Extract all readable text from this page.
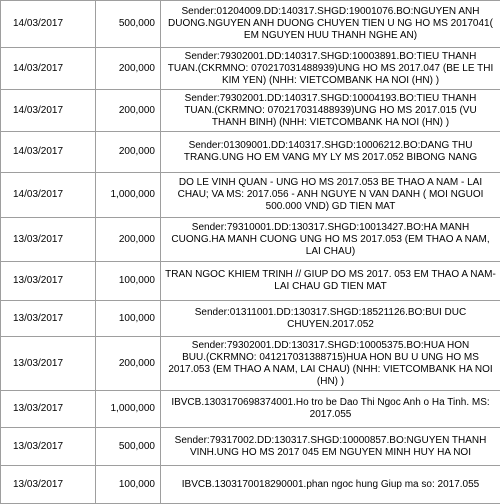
14/03/2017	500,000	Sender:01204009.DD:140317.SHGD:19001076.BO:NGUYEN ANH
DUONG.NGUYEN ANH DUONG CHUYEN TIEN U NG HO MS 2017041(
EM NGUYEN HUU THANH NGHE AN)

14/03/2017	200,000	Sender:79302001.DD:140317.SHGD:10003891.BO:TIEU THANH
TUAN.(CKRMNO: 070217031488939)UNG HO MS 2017.047 (BE LE THI
KIM YEN) (NHH: VIETCOMBANK HA NOI (HN) )

14/03/2017	200,000	Sender:79302001.DD:140317.SHGD:10004193.BO:TIEU THANH
TUAN.(CKRMNO: 070217031488939)UNG HO MS 2017.015 (VU
THANH BINH) (NHH: VIETCOMBANK HA NOI (HN) )

14/03/2017	200,000	Sender:01309001.DD:140317.SHGD:10006212.BO:DANG THU
TRANG.UNG HO EM VANG MY LY MS 2017.052 BIBONG NANG

14/03/2017	1,000,000	DO LE VINH QUAN - UNG HO MS 2017.053 BE THAO A NAM - LAI
CHAU; VA MS: 2017.056 - ANH NGUYE N VAN DANH ( MOI NGUOI
500.000 VND) GD TIEN MAT

13/03/2017	200,000	Sender:79310001.DD:130317.SHGD:10013427.BO:HA MANH
CUONG.HA MANH CUONG UNG HO MS 2017.053 (EM THAO A NAM,
LAI CHAU)

13/03/2017	100,000	TRAN NGOC KHIEM TRINH // GIUP DO MS 2017. 053 EM THAO A NAM-
LAI CHAU GD TIEN MAT

13/03/2017	100,000	Sender:01311001.DD:130317.SHGD:18521126.BO:BUI DUC
CHUYEN.2017.052

13/03/2017	200,000	Sender:79302001.DD:130317.SHGD:10005375.BO:HUA HON
BUU.(CKRMNO: 041217031388715)HUA HON BU U UNG HO MS
2017.053 (EM THAO A NAM, LAI CHAU) (NHH: VIETCOMBANK HA NOI
(HN) )

13/03/2017	1,000,000	IBVCB.1303170698374001.Ho tro be Dao Thi Ngoc Anh o Ha Tinh. MS:
2017.055

13/03/2017	500,000	Sender:79317002.DD:130317.SHGD:10000857.BO:NGUYEN THANH
VINH.UNG HO MS 2017 045 EM NGUYEN MINH HUY HA NOI

13/03/2017	100,000	IBVCB.1303170018290001.phan ngoc hung Giup ma so: 2017.055
